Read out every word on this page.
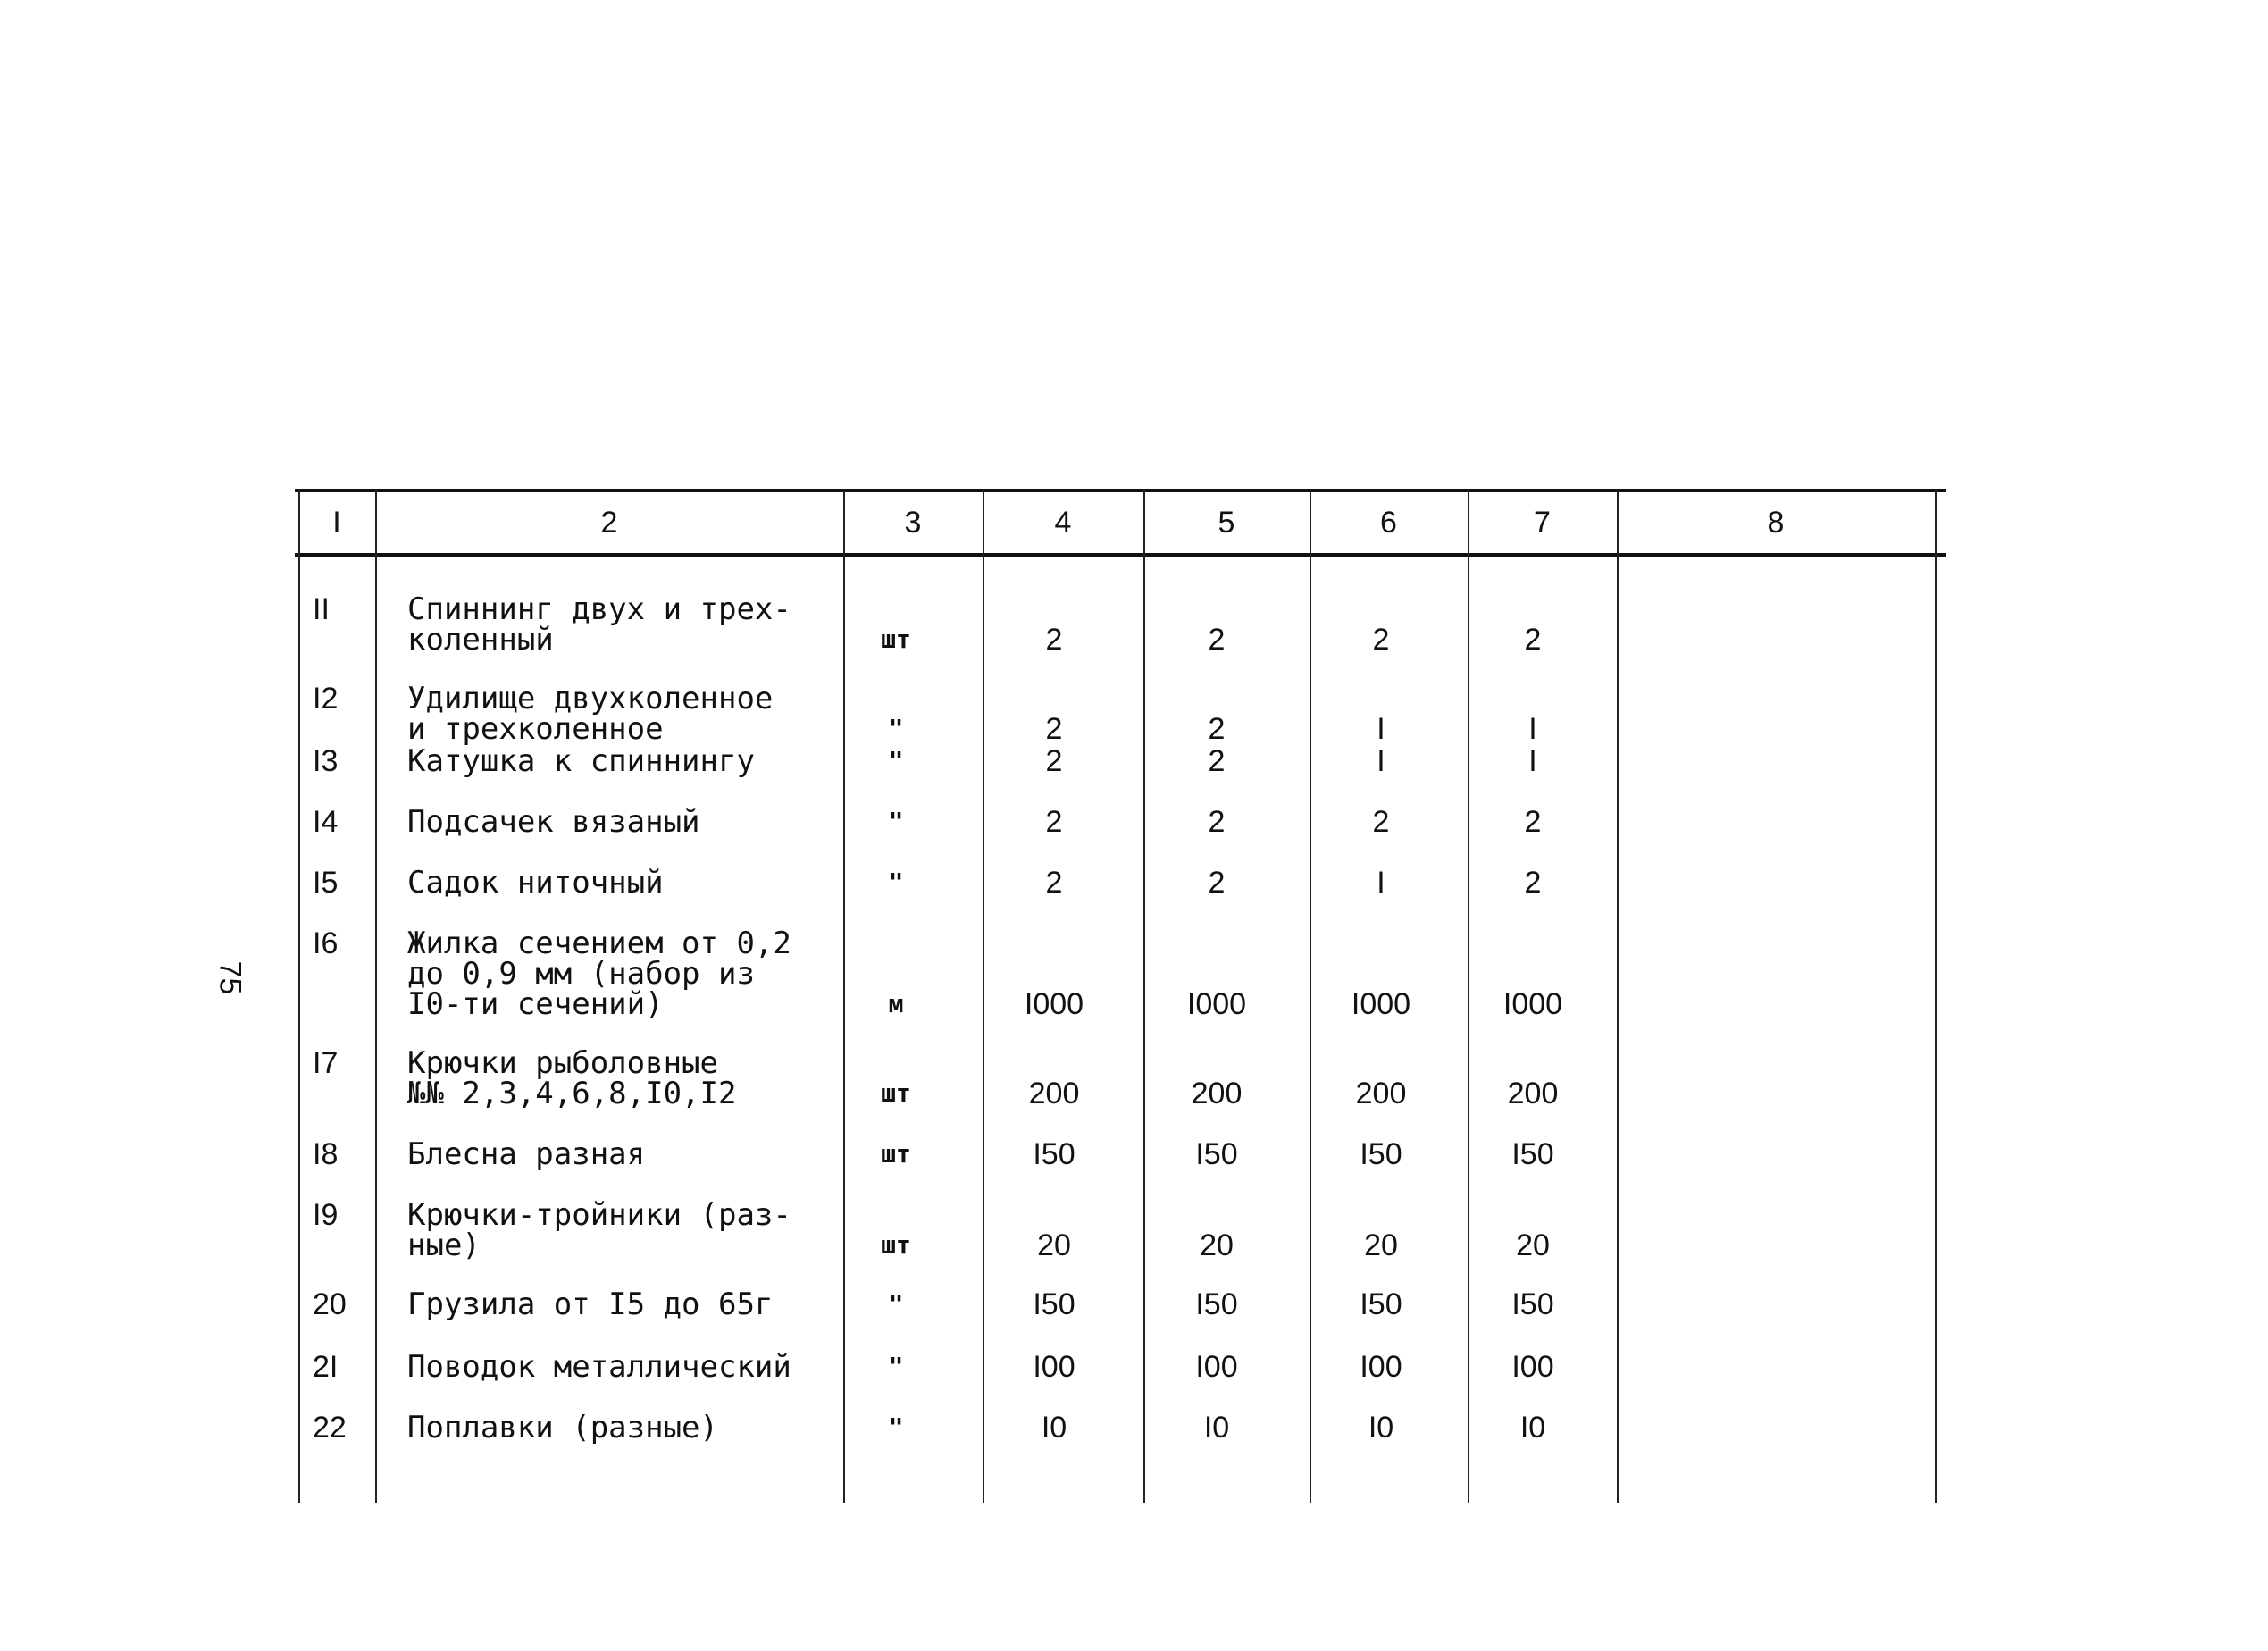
75
I	2	3	4	5	6	7	8
II	Спиннинг двух и трех-
коленный	шт	2	2	2	2
I2	Удилище двухколенное
и трехколенное	"	2	2	I	I
I3	Катушка к спиннингу	"	2	2	I	I
I4	Подсачек вязаный	"	2	2	2	2
I5	Садок ниточный	"	2	2	I	2
I6	Жилка сечением от 0,2
до 0,9 мм (набор из
I0-ти сечений)	м	I000	I000	I000	I000
I7	Крючки рыболовные
№№ 2,3,4,6,8,I0,I2	шт	200	200	200	200
I8	Блесна разная	шт	I50	I50	I50	I50
I9	Крючки-тройники (раз-
ные)	шт	20	20	20	20
20	Грузила от I5 до 65г	"	I50	I50	I50	I50
2I	Поводок металлический	"	I00	I00	I00	I00
22	Поплавки (разные)	"	I0	I0	I0	I0
